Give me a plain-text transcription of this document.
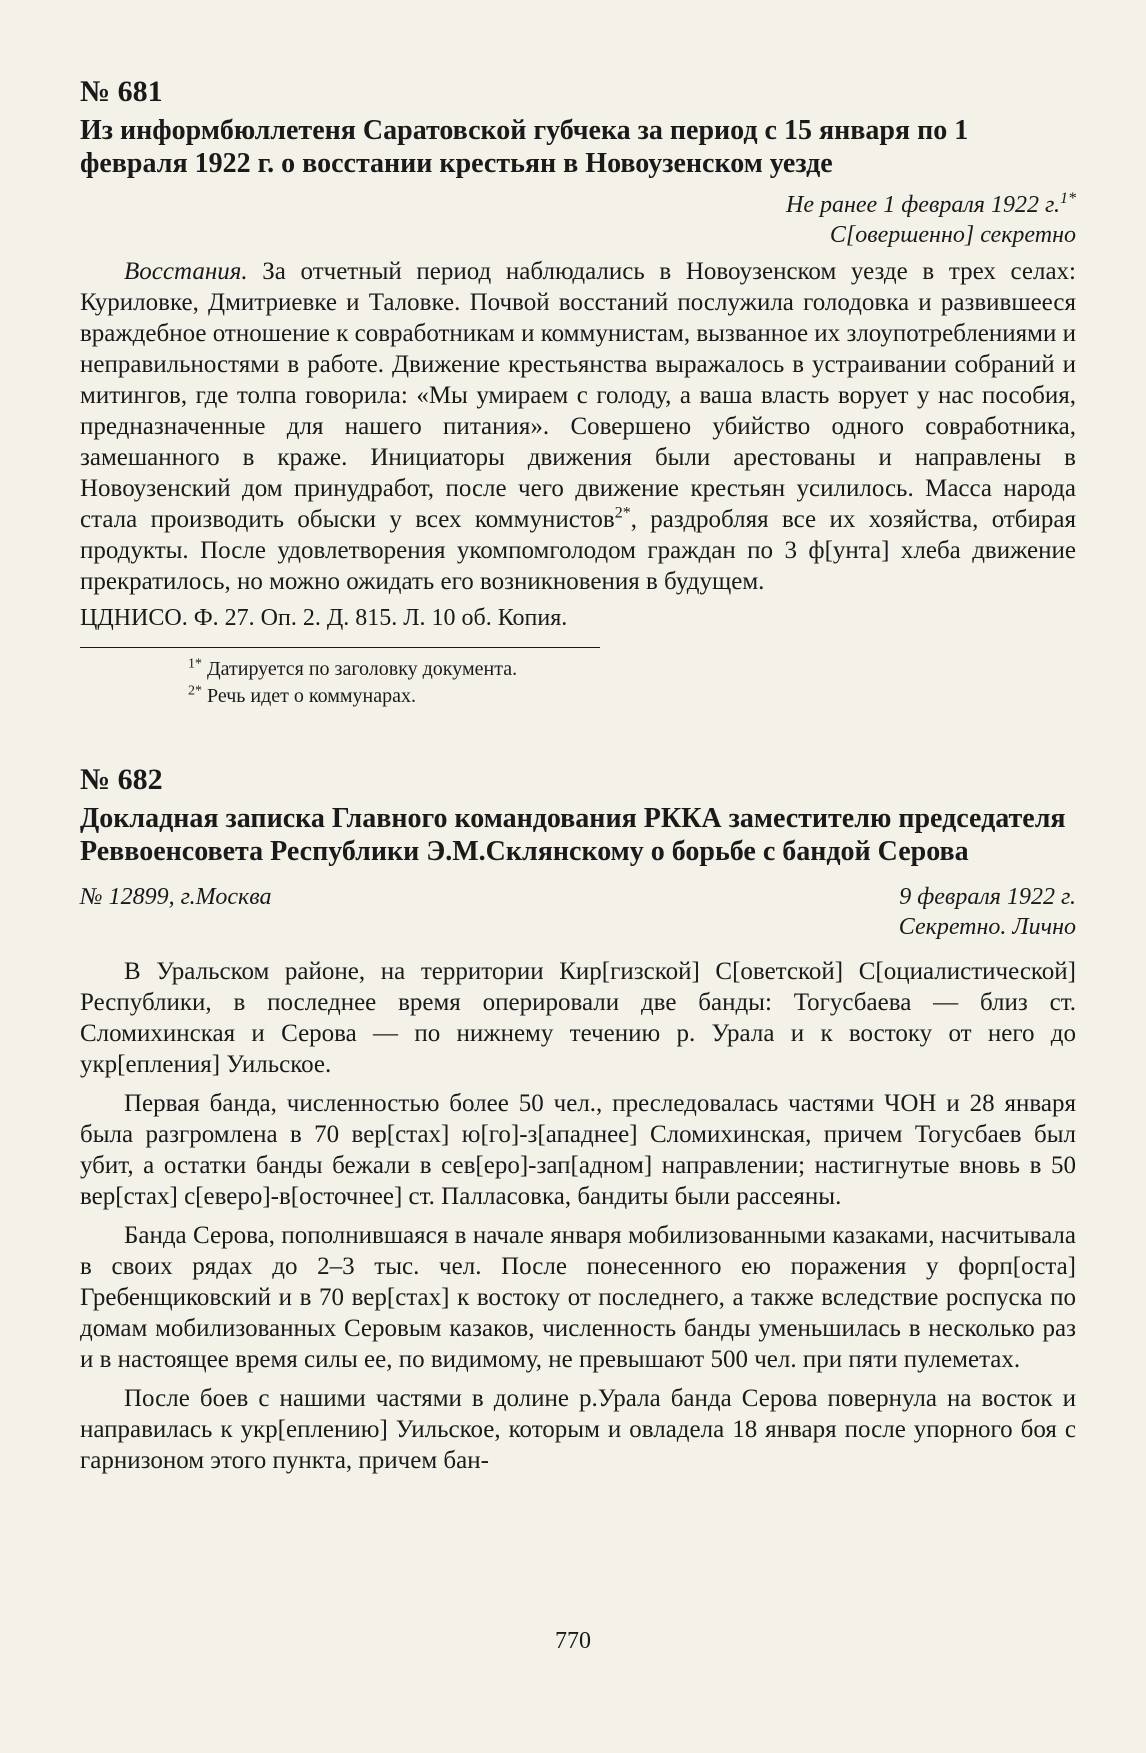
№ 681
Из информбюллетеня Саратовской губчека за период с 15 января по 1 февраля 1922 г. о восстании крестьян в Новоузенском уезде
Не ранее 1 февраля 1922 г.$^{1*}$
С[овершенно] секретно

Восстания. За отчетный период наблюдались в Новоузенском уезде в трех селах: Куриловке, Дмитриевке и Таловке. Почвой восстаний послужила голодовка и развившееся враждебное отношение к совработникам и коммунистам, вызванное их злоупотреблениями и неправильностями в работе. Движение крестьянства выражалось в устраивании собраний и митингов, где толпа говорила: «Мы умираем с голоду, а ваша власть ворует у нас пособия, предназначенные для нашего питания». Совершено убийство одного совработника, замешанного в краже. Инициаторы движения были арестованы и направлены в Новоузенский дом принудработ, после чего движение крестьян усилилось. Масса народа стала производить обыски у всех коммунистов$^{2*}$, раздробляя все их хозяйства, отбирая продукты. После удовлетворения укомпомголодом граждан по 3 ф[унта] хлеба движение прекратилось, но можно ожидать его возникновения в будущем.

ЦДНИСО. Ф. 27. Оп. 2. Д. 815. Л. 10 об. Копия.
$^{1*}$ Датируется по заголовку документа.
$^{2*}$ Речь идет о коммунарах.
№ 682
Докладная записка Главного командования РККА заместителю председателя Реввоенсовета Республики Э.М.Склянскому о борьбе с бандой Серова
№ 12899, г.Москва	9 февраля 1922 г.
Секретно. Лично

В Уральском районе, на территории Кир[гизской] С[оветской] С[оциалистической] Республики, в последнее время оперировали две банды: Тогусбаева — близ ст. Сломихинская и Серова — по нижнему течению р. Урала и к востоку от него до укр[епления] Уильское.

Первая банда, численностью более 50 чел., преследовалась частями ЧОН и 28 января была разгромлена в 70 вер[стах] ю[го]-з[ападнее] Сломихинская, причем Тогусбаев был убит, а остатки банды бежали в сев[еро]-зап[адном] направлении; настигнутые вновь в 50 вер[стах] с[еверо]-в[осточнее] ст. Палласовка, бандиты были рассеяны.

Банда Серова, пополнившаяся в начале января мобилизованными казаками, насчитывала в своих рядах до 2–3 тыс. чел. После понесенного ею поражения у форп[оста] Гребенщиковский и в 70 вер[стах] к востоку от последнего, а также вследствие роспуска по домам мобилизованных Серовым казаков, численность банды уменьшилась в несколько раз и в настоящее время силы ее, по видимому, не превышают 500 чел. при пяти пулеметах.

После боев с нашими частями в долине р.Урала банда Серова повернула на восток и направилась к укр[еплению] Уильское, которым и овладела 18 января после упорного боя с гарнизоном этого пункта, причем бан-

770
